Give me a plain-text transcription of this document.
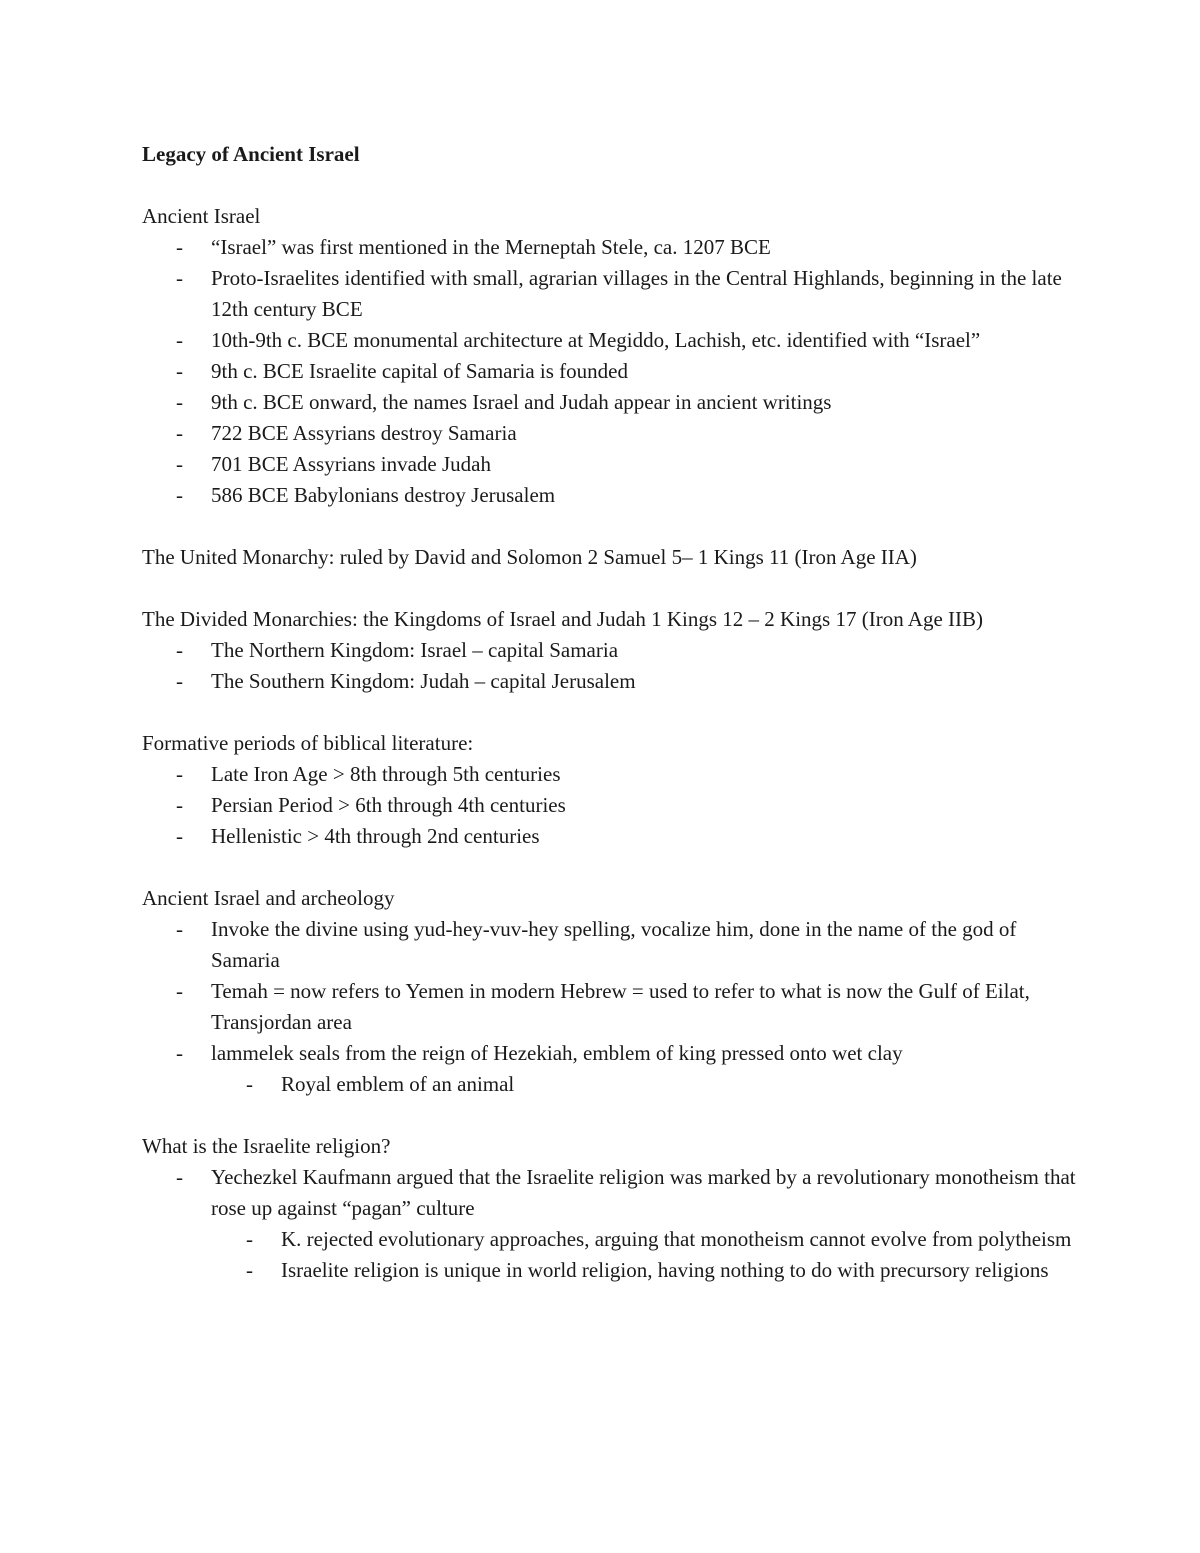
Legacy of Ancient Israel

Ancient Israel

- “Israel” was first mentioned in the Merneptah Stele, ca. 1207 BCE
- Proto-Israelites identified with small, agrarian villages in the Central Highlands, beginning in the late 12th century BCE
- 10th-9th c. BCE monumental architecture at Megiddo, Lachish, etc. identified with “Israel”
- 9th c. BCE Israelite capital of Samaria is founded
- 9th c. BCE onward, the names Israel and Judah appear in ancient writings
- 722 BCE Assyrians destroy Samaria
- 701 BCE Assyrians invade Judah
- 586 BCE Babylonians destroy Jerusalem

The United Monarchy: ruled by David and Solomon 2 Samuel 5– 1 Kings 11 (Iron Age IIA)

The Divided Monarchies: the Kingdoms of Israel and Judah 1 Kings 12 – 2 Kings 17 (Iron Age IIB)

- The Northern Kingdom: Israel – capital Samaria
- The Southern Kingdom: Judah – capital Jerusalem

Formative periods of biblical literature:

- Late Iron Age > 8th through 5th centuries
- Persian Period > 6th through 4th centuries
- Hellenistic > 4th through 2nd centuries

Ancient Israel and archeology

- Invoke the divine using yud-hey-vuv-hey spelling, vocalize him, done in the name of the god of Samaria
- Temah = now refers to Yemen in modern Hebrew = used to refer to what is now the Gulf of Eilat, Transjordan area
- lammelek seals from the reign of Hezekiah, emblem of king pressed onto wet clay
- Royal emblem of an animal

What is the Israelite religion?

- Yechezkel Kaufmann argued that the Israelite religion was marked by a revolutionary monotheism that rose up against “pagan” culture
- K. rejected evolutionary approaches, arguing that monotheism cannot evolve from polytheism
- Israelite religion is unique in world religion, having nothing to do with precursory religions
